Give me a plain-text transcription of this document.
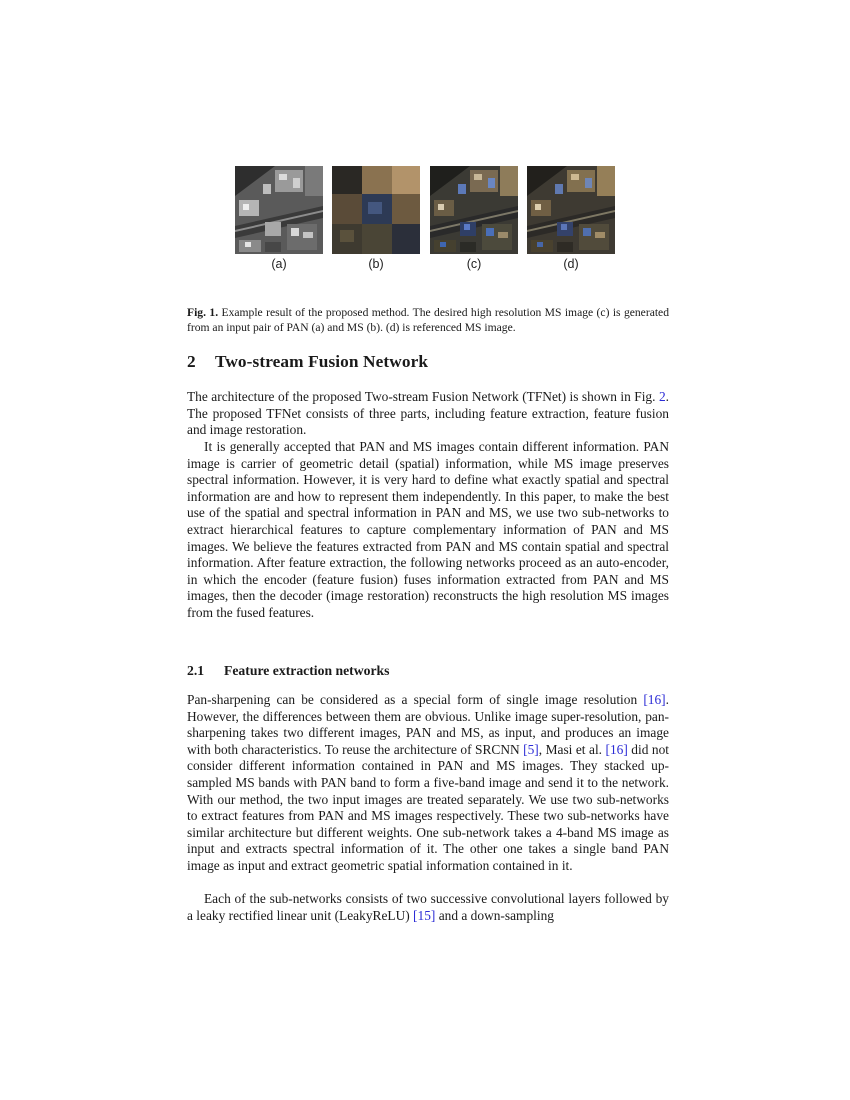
(a)	(b)	(c)	(d)

Fig. 1. Example result of the proposed method. The desired high resolution MS image (c) is generated from an input pair of PAN (a) and MS (b). (d) is referenced MS image.

2 Two-stream Fusion Network

The architecture of the proposed Two-stream Fusion Network (TFNet) is shown in Fig. 2. The proposed TFNet consists of three parts, including feature extraction, feature fusion and image restoration.

It is generally accepted that PAN and MS images contain different information. PAN image is carrier of geometric detail (spatial) information, while MS image preserves spectral information. However, it is very hard to define what exactly spatial and spectral information are and how to represent them independently. In this paper, to make the best use of the spatial and spectral information in PAN and MS, we use two sub-networks to extract hierarchical features to capture complementary information of PAN and MS images. We believe the features extracted from PAN and MS contain spatial and spectral information. After feature extraction, the following networks proceed as an auto-encoder, in which the encoder (feature fusion) fuses information extracted from PAN and MS images, then the decoder (image restoration) reconstructs the high resolution MS images from the fused features.

2.1 Feature extraction networks

Pan-sharpening can be considered as a special form of single image resolution [16]. However, the differences between them are obvious. Unlike image super-resolution, pan-sharpening takes two different images, PAN and MS, as input, and produces an image with both characteristics. To reuse the architecture of SRCNN [5], Masi et al. [16] did not consider different information contained in PAN and MS images. They stacked up-sampled MS bands with PAN band to form a five-band image and send it to the network. With our method, the two input images are treated separately. We use two sub-networks to extract features from PAN and MS images respectively. These two sub-networks have similar architecture but different weights. One sub-network takes a 4-band MS image as input and extracts spectral information of it. The other one takes a single band PAN image as input and extract geometric spatial information contained in it.

Each of the sub-networks consists of two successive convolutional layers followed by a leaky rectified linear unit (LeakyReLU) [15] and a down-sampling
